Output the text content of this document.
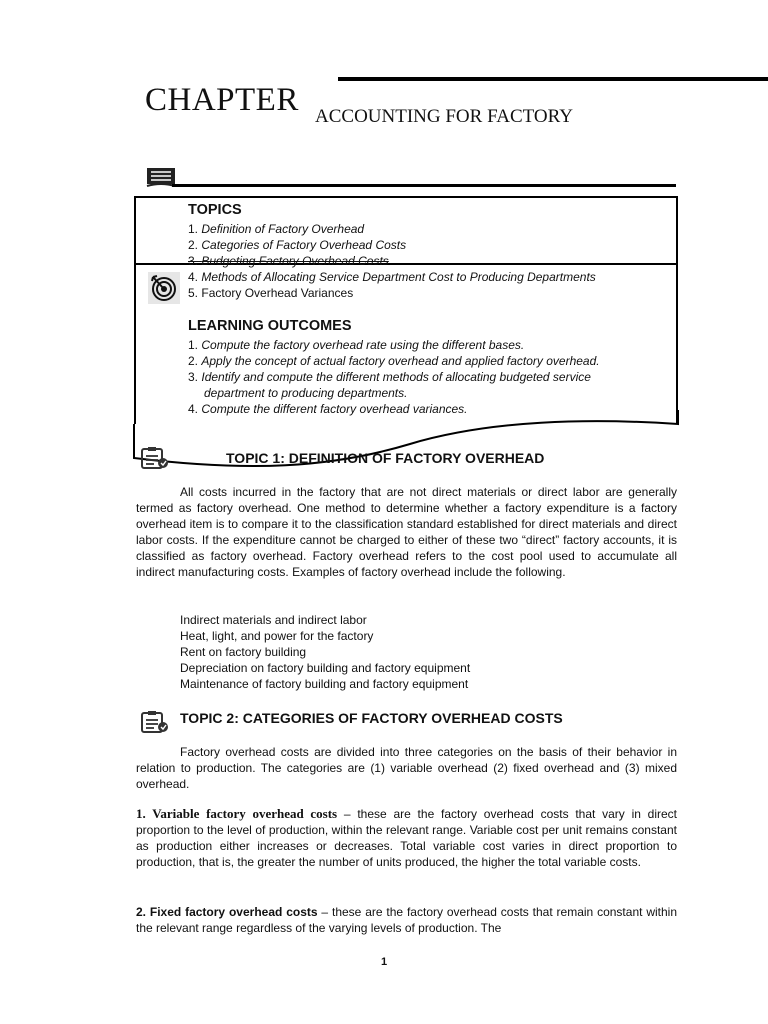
CHAPTER ACCOUNTING FOR FACTORY
TOPICS
1. Definition of Factory Overhead
2. Categories of Factory Overhead Costs
3. Budgeting Factory Overhead Costs
4. Methods of Allocating Service Department Cost to Producing Departments
5. Factory Overhead Variances
LEARNING OUTCOMES
1. Compute the factory overhead rate using the different bases.
2. Apply the concept of actual factory overhead and applied factory overhead.
3. Identify and compute the different methods of allocating budgeted service
department to producing departments.
4. Compute the different factory overhead variances.
TOPIC 1: DEFINITION OF FACTORY OVERHEAD

All costs incurred in the factory that are not direct materials or direct labor are generally termed as factory overhead. One method to determine whether a factory expenditure is a factory overhead item is to compare it to the classification standard established for direct materials and direct labor costs. If the expenditure cannot be charged to either of these two “direct” factory accounts, it is classified as factory overhead. Factory overhead refers to the cost pool used to accumulate all indirect manufacturing costs. Examples of factory overhead include the following.

Indirect materials and indirect labor
Heat, light, and power for the factory
Rent on factory building
Depreciation on factory building and factory equipment
Maintenance of factory building and factory equipment
TOPIC 2: CATEGORIES OF FACTORY OVERHEAD COSTS

Factory overhead costs are divided into three categories on the basis of their behavior in relation to production. The categories are (1) variable overhead (2) fixed overhead and (3) mixed overhead.

1. Variable factory overhead costs – these are the factory overhead costs that vary in direct proportion to the level of production, within the relevant range. Variable cost per unit remains constant as production either increases or decreases. Total variable cost varies in direct proportion to production, that is, the greater the number of units produced, the higher the total variable costs.

2. Fixed factory overhead costs – these are the factory overhead costs that remain constant within the relevant range regardless of the varying levels of production. The

1
